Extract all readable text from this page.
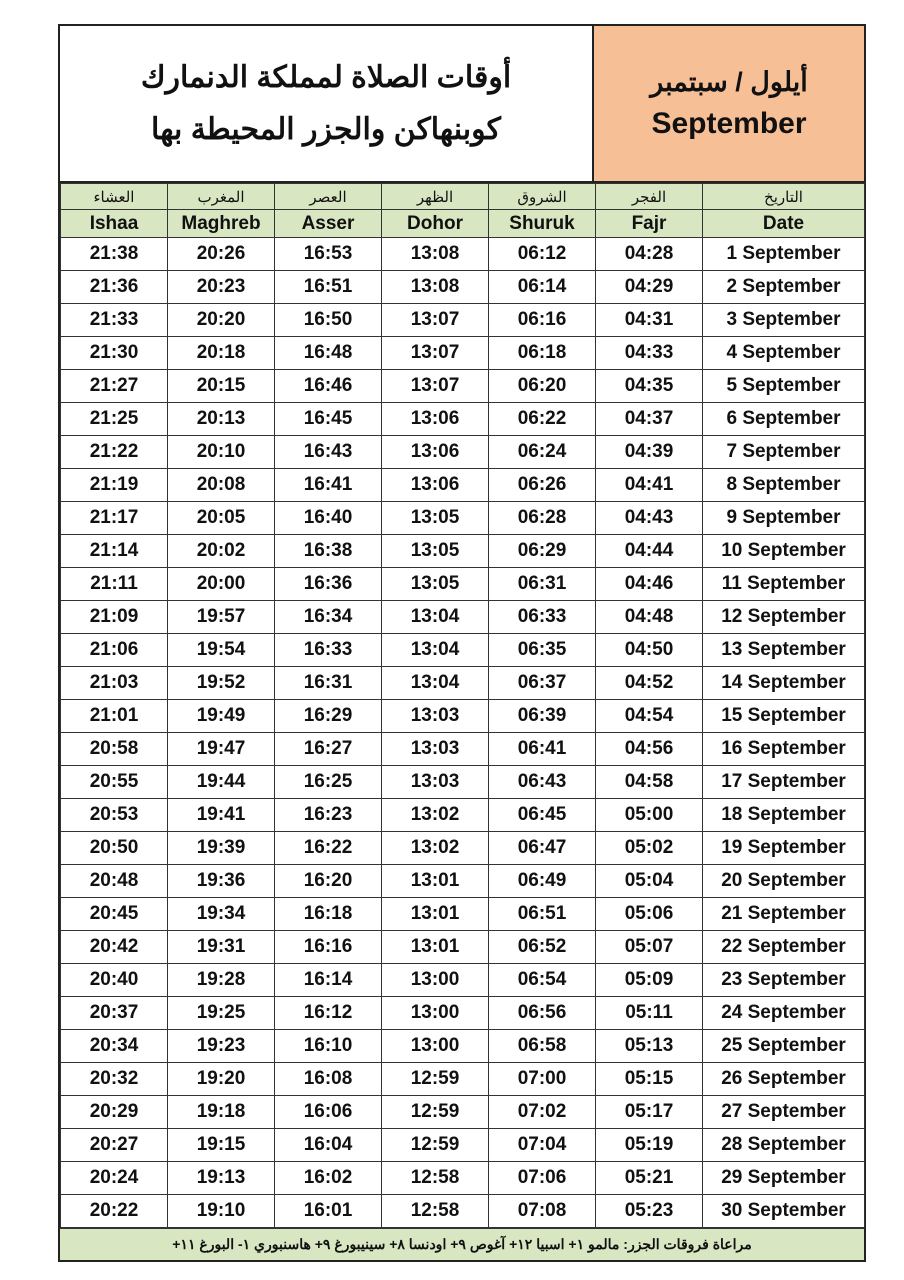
أوقات الصلاة لمملكة الدنمارك
كوبنهاكن والجزر المحيطة بها
أيلول / سبتمبر
September
العشاء	المغرب	العصر	الظهر	الشروق	الفجر	التاريخ
Ishaa	Maghreb	Asser	Dohor	Shuruk	Fajr	Date
21:38	20:26	16:53	13:08	06:12	04:28	1 September
21:36	20:23	16:51	13:08	06:14	04:29	2 September
21:33	20:20	16:50	13:07	06:16	04:31	3 September
21:30	20:18	16:48	13:07	06:18	04:33	4 September
21:27	20:15	16:46	13:07	06:20	04:35	5 September
21:25	20:13	16:45	13:06	06:22	04:37	6 September
21:22	20:10	16:43	13:06	06:24	04:39	7 September
21:19	20:08	16:41	13:06	06:26	04:41	8 September
21:17	20:05	16:40	13:05	06:28	04:43	9 September
21:14	20:02	16:38	13:05	06:29	04:44	10 September
21:11	20:00	16:36	13:05	06:31	04:46	11 September
21:09	19:57	16:34	13:04	06:33	04:48	12 September
21:06	19:54	16:33	13:04	06:35	04:50	13 September
21:03	19:52	16:31	13:04	06:37	04:52	14 September
21:01	19:49	16:29	13:03	06:39	04:54	15 September
20:58	19:47	16:27	13:03	06:41	04:56	16 September
20:55	19:44	16:25	13:03	06:43	04:58	17 September
20:53	19:41	16:23	13:02	06:45	05:00	18 September
20:50	19:39	16:22	13:02	06:47	05:02	19 September
20:48	19:36	16:20	13:01	06:49	05:04	20 September
20:45	19:34	16:18	13:01	06:51	05:06	21 September
20:42	19:31	16:16	13:01	06:52	05:07	22 September
20:40	19:28	16:14	13:00	06:54	05:09	23 September
20:37	19:25	16:12	13:00	06:56	05:11	24 September
20:34	19:23	16:10	13:00	06:58	05:13	25 September
20:32	19:20	16:08	12:59	07:00	05:15	26 September
20:29	19:18	16:06	12:59	07:02	05:17	27 September
20:27	19:15	16:04	12:59	07:04	05:19	28 September
20:24	19:13	16:02	12:58	07:06	05:21	29 September
20:22	19:10	16:01	12:58	07:08	05:23	30 September
مراعاة فروقات الجزر: مالمو ١+ اسبيا ١٢+ آغوص ٩+ اودنسا ٨+ سينيبورغ ٩+ هاسنبوري ١- البورغ ١١+
